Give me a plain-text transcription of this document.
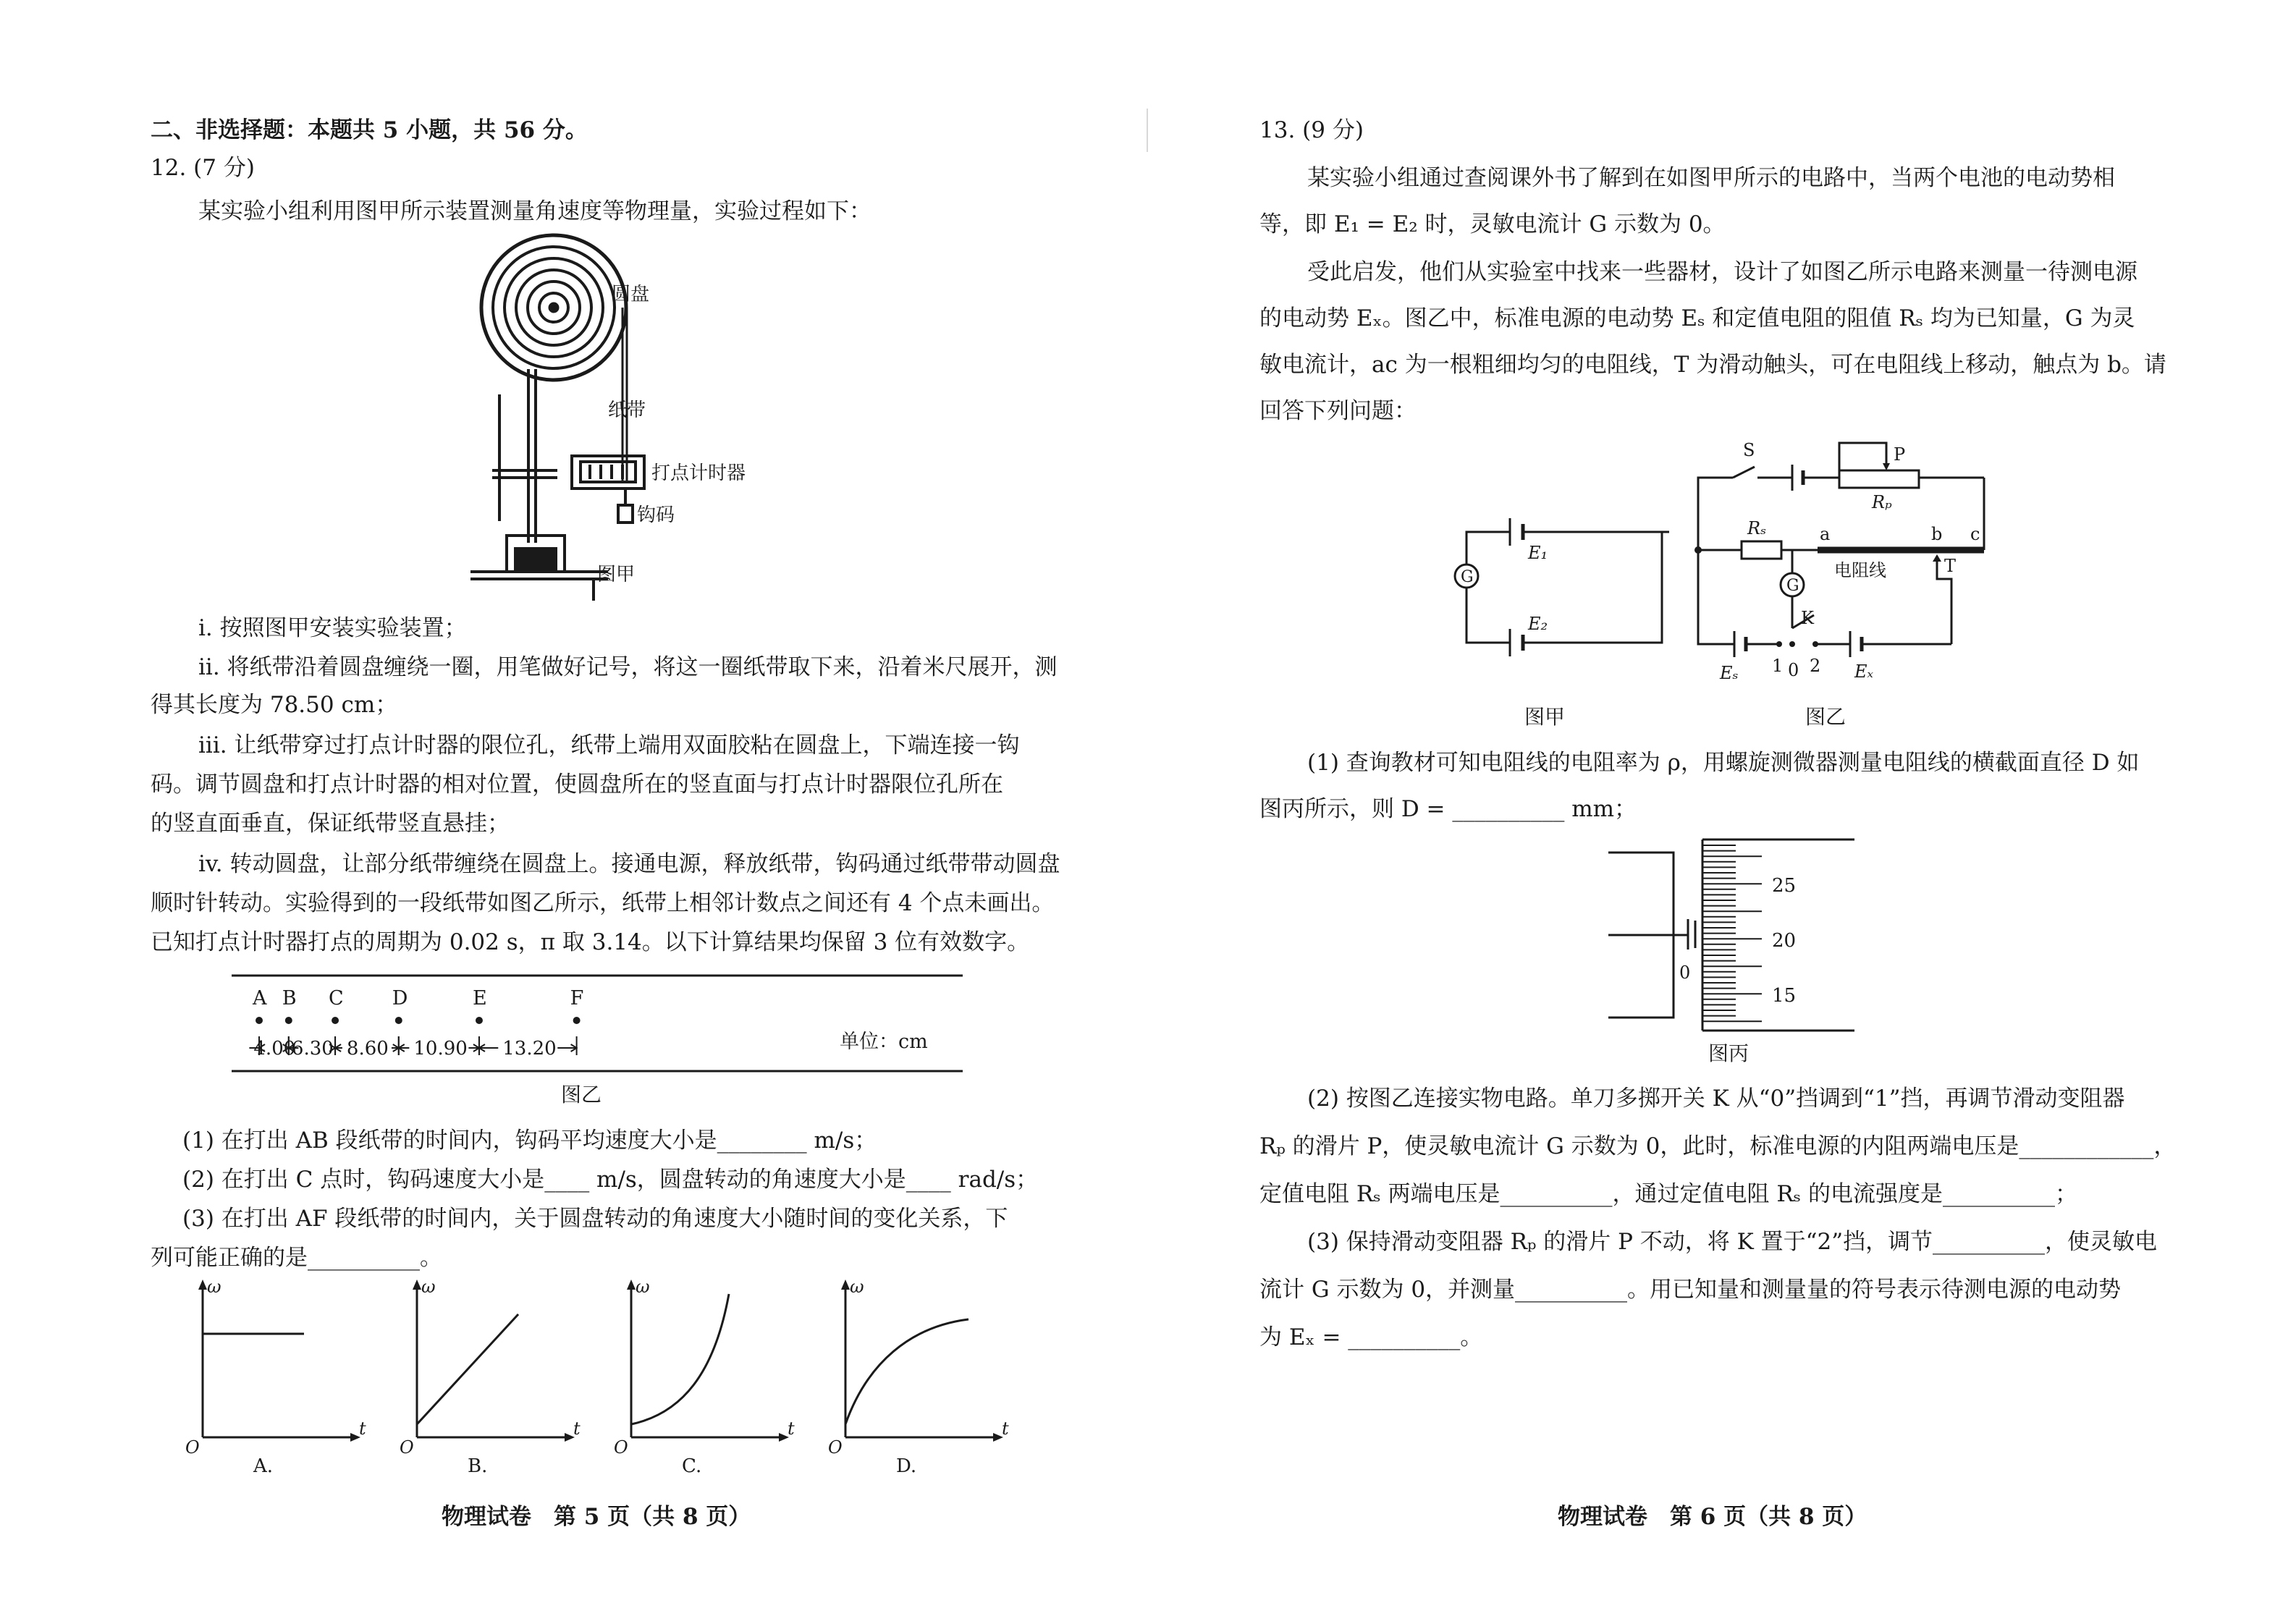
二、非选择题：本题共 5 小题，共 56 分。
12. (7 分)
某实验小组利用图甲所示装置测量角速度等物理量，实验过程如下：
圆盘
纸带
打点计时器
钩码
图甲
i. 按照图甲安装实验装置；
ii. 将纸带沿着圆盘缠绕一圈，用笔做好记号，将这一圈纸带取下来，沿着米尺展开，测
得其长度为 78.50 cm；
iii. 让纸带穿过打点计时器的限位孔，纸带上端用双面胶粘在圆盘上，下端连接一钩
码。调节圆盘和打点计时器的相对位置，使圆盘所在的竖直面与打点计时器限位孔所在
的竖直面垂直，保证纸带竖直悬挂；
iv. 转动圆盘，让部分纸带缠绕在圆盘上。接通电源，释放纸带，钩码通过纸带带动圆盘
顺时针转动。实验得到的一段纸带如图乙所示，纸带上相邻计数点之间还有 4 个点未画出。
已知打点计时器打点的周期为 0.02 s，π 取 3.14。以下计算结果均保留 3 位有效数字。
A B C D	E	F
4.00
6.30 8.60 10.90 13.20	单位：cm
图乙
(1) 在打出 AB 段纸带的时间内，钩码平均速度大小是________ m/s；
(2) 在打出 C 点时，钩码速度大小是____ m/s，圆盘转动的角速度大小是____ rad/s；
(3) 在打出 AF 段纸带的时间内，关于圆盘转动的角速度大小随时间的变化关系，下
列可能正确的是__________。
ω
t
O
A.
ω
t
O
B.
ω
t
O
C.
ω
t
O
D.
物理试卷　第 5 页（共 8 页）
13. (9 分)
某实验小组通过查阅课外书了解到在如图甲所示的电路中，当两个电池的电动势相
等，即 E₁ = E₂ 时，灵敏电流计 G 示数为 0。
受此启发，他们从实验室中找来一些器材，设计了如图乙所示电路来测量一待测电源
的电动势 Eₓ。图乙中，标准电源的电动势 Eₛ 和定值电阻的阻值 Rₛ 均为已知量，G 为灵
敏电流计，ac 为一根粗细均匀的电阻线，T 为滑动触头，可在电阻线上移动，触点为 b。请
回答下列问题：
G
E₁
E₂
图甲
S	P
Rₚ
Rₛ	a	b c
电阻线	T
G
K
Eₛ 1 0 2 Eₓ
图乙
(1) 查询教材可知电阻线的电阻率为 ρ，用螺旋测微器测量电阻线的横截面直径 D 如
图丙所示，则 D = __________ mm；
25
20
15
0
图丙
(2) 按图乙连接实物电路。单刀多掷开关 K 从“0”挡调到“1”挡，再调节滑动变阻器
Rₚ 的滑片 P，使灵敏电流计 G 示数为 0，此时，标准电源的内阻两端电压是____________，
定值电阻 Rₛ 两端电压是__________，通过定值电阻 Rₛ 的电流强度是__________；
(3) 保持滑动变阻器 Rₚ 的滑片 P 不动，将 K 置于“2”挡，调节__________，使灵敏电
流计 G 示数为 0，并测量__________。用已知量和测量量的符号表示待测电源的电动势
为 Eₓ = __________。
物理试卷　第 6 页（共 8 页）
